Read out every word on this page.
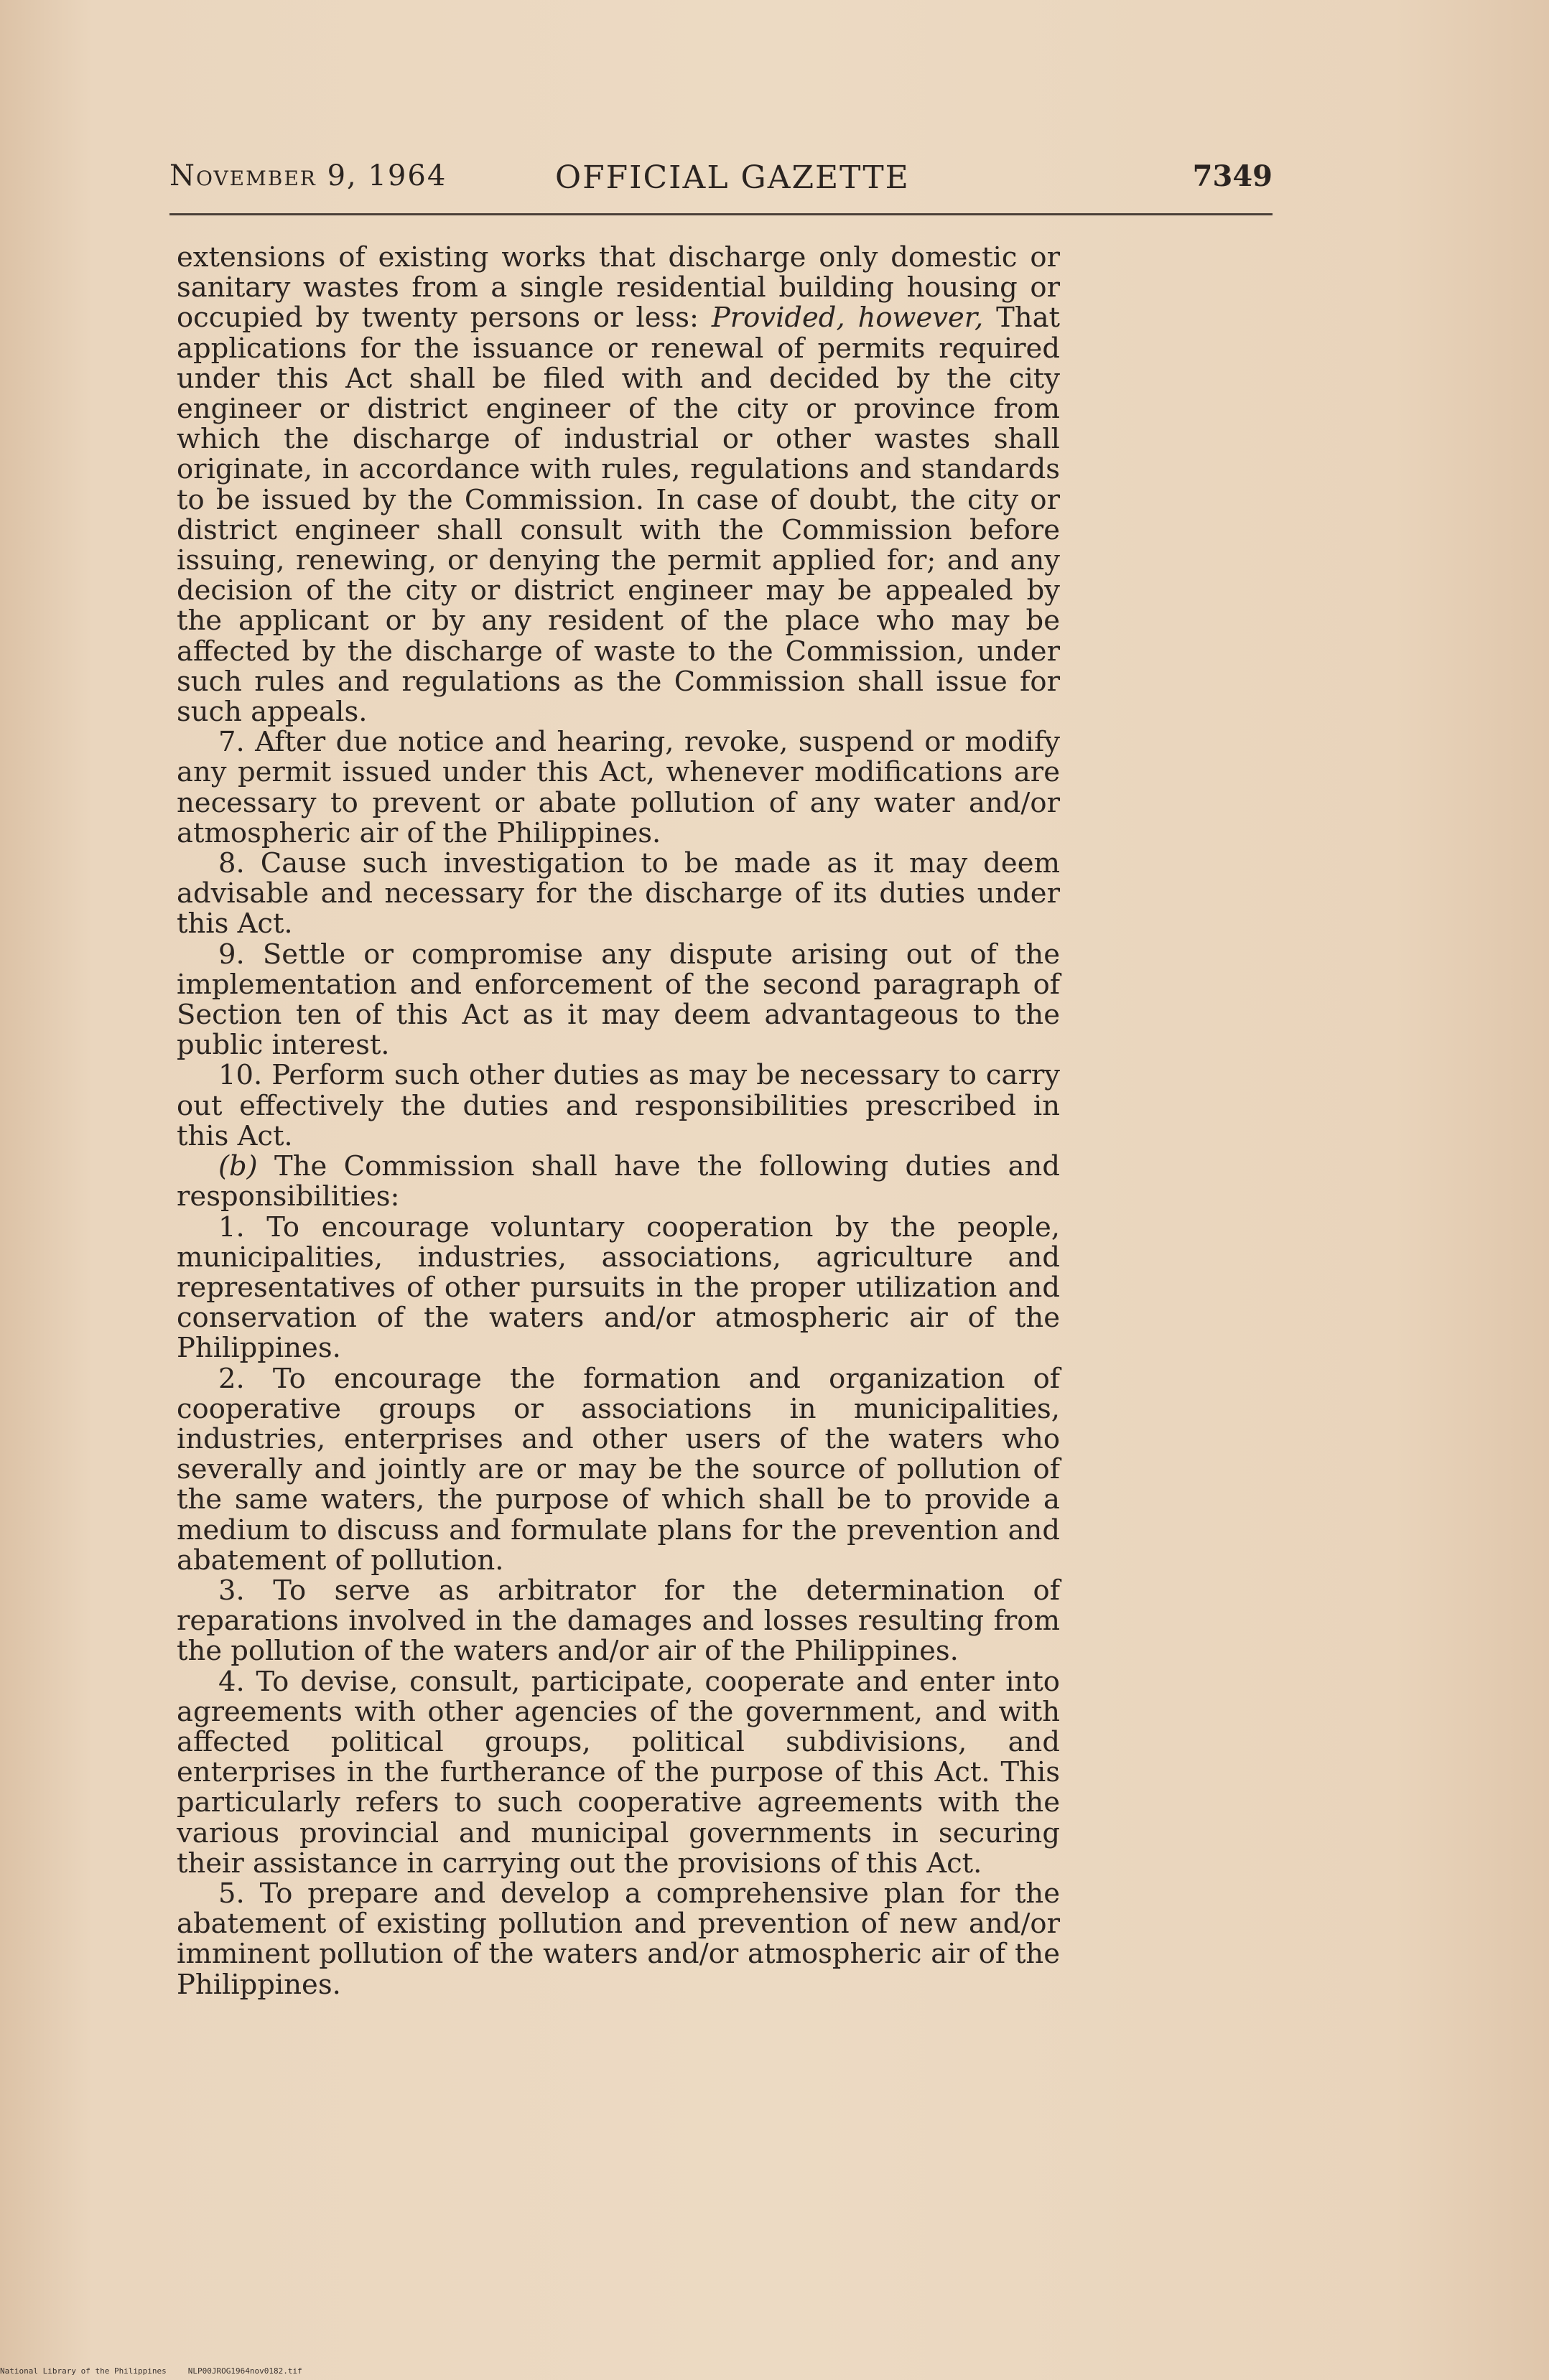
November 9, 1964	OFFICIAL GAZETTE	7349

extensions of existing works that discharge only domestic or sanitary wastes from a single residential building housing or occupied by twenty persons or less: Provided, however, That applications for the issuance or renewal of permits required under this Act shall be filed with and decided by the city engineer or district engineer of the city or province from which the discharge of industrial or other wastes shall originate, in accordance with rules, regulations and standards to be issued by the Commission. In case of doubt, the city or district engineer shall consult with the Commission before issuing, renewing, or denying the permit applied for; and any decision of the city or district engineer may be appealed by the applicant or by any resident of the place who may be affected by the discharge of waste to the Commission, under such rules and regulations as the Commission shall issue for such appeals.

7. After due notice and hearing, revoke, suspend or modify any permit issued under this Act, whenever modifications are necessary to prevent or abate pollution of any water and/or atmospheric air of the Philippines.

8. Cause such investigation to be made as it may deem advisable and necessary for the discharge of its duties under this Act.

9. Settle or compromise any dispute arising out of the implementation and enforcement of the second paragraph of Section ten of this Act as it may deem advantageous to the public interest.

10. Perform such other duties as may be necessary to carry out effectively the duties and responsibilities prescribed in this Act.

(b) The Commission shall have the following duties and responsibilities:

1. To encourage voluntary cooperation by the people, municipalities, industries, associations, agriculture and representatives of other pursuits in the proper utilization and conservation of the waters and/or atmospheric air of the Philippines.

2. To encourage the formation and organization of cooperative groups or associations in municipalities, industries, enterprises and other users of the waters who severally and jointly are or may be the source of pollution of the same waters, the purpose of which shall be to provide a medium to discuss and formulate plans for the prevention and abatement of pollution.

3. To serve as arbitrator for the determination of reparations involved in the damages and losses resulting from the pollution of the waters and/or air of the Philippines.

4. To devise, consult, participate, cooperate and enter into agreements with other agencies of the government, and with affected political groups, political subdivisions, and enterprises in the furtherance of the purpose of this Act. This particularly refers to such cooperative agreements with the various provincial and municipal governments in securing their assistance in carrying out the provisions of this Act.

5. To prepare and develop a comprehensive plan for the abatement of existing pollution and prevention of new and/or imminent pollution of the waters and/or atmospheric air of the Philippines.

National Library of the Philippines	NLP00JROG1964nov0182.tif
